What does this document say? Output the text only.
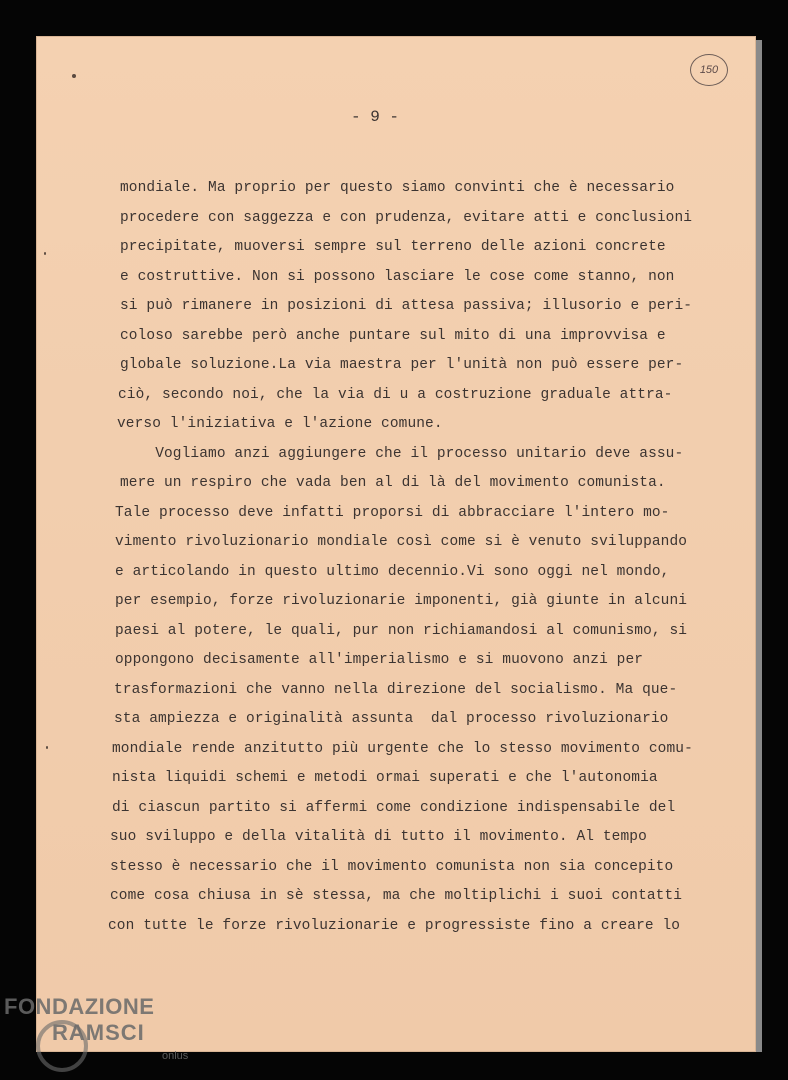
150
- 9 -
mondiale. Ma proprio per questo siamo convinti che è necessario
procedere con saggezza e con prudenza, evitare atti e conclusioni
precipitate, muoversi sempre sul terreno delle azioni concrete
e costruttive. Non si possono lasciare le cose come stanno, non
si può rimanere in posizioni di attesa passiva; illusorio e peri-
coloso sarebbe però anche puntare sul mito di una improvvisa e
globale soluzione.La via maestra per l'unità non può essere per-
ciò, secondo noi, che la via di u a costruzione graduale attra-
verso l'iniziativa e l'azione comune.
Vogliamo anzi aggiungere che il processo unitario deve assu-
mere un respiro che vada ben al di là del movimento comunista.
Tale processo deve infatti proporsi di abbracciare l'intero mo-
vimento rivoluzionario mondiale così come si è venuto sviluppando
e articolando in questo ultimo decennio.Vi sono oggi nel mondo,
per esempio, forze rivoluzionarie imponenti, già giunte in alcuni
paesi al potere, le quali, pur non richiamandosi al comunismo, si
oppongono decisamente all'imperialismo e si muovono anzi per
trasformazioni che vanno nella direzione del socialismo. Ma que-
sta ampiezza e originalità assunta  dal processo rivoluzionario
mondiale rende anzitutto più urgente che lo stesso movimento comu-
nista liquidi schemi e metodi ormai superati e che l'autonomia
di ciascun partito si affermi come condizione indispensabile del
suo sviluppo e della vitalità di tutto il movimento. Al tempo
stesso è necessario che il movimento comunista non sia concepito
come cosa chiusa in sè stessa, ma che moltiplichi i suoi contatti
con tutte le forze rivoluzionarie e progressiste fino a creare lo
FONDAZIONE
RAMSCI
onlus
